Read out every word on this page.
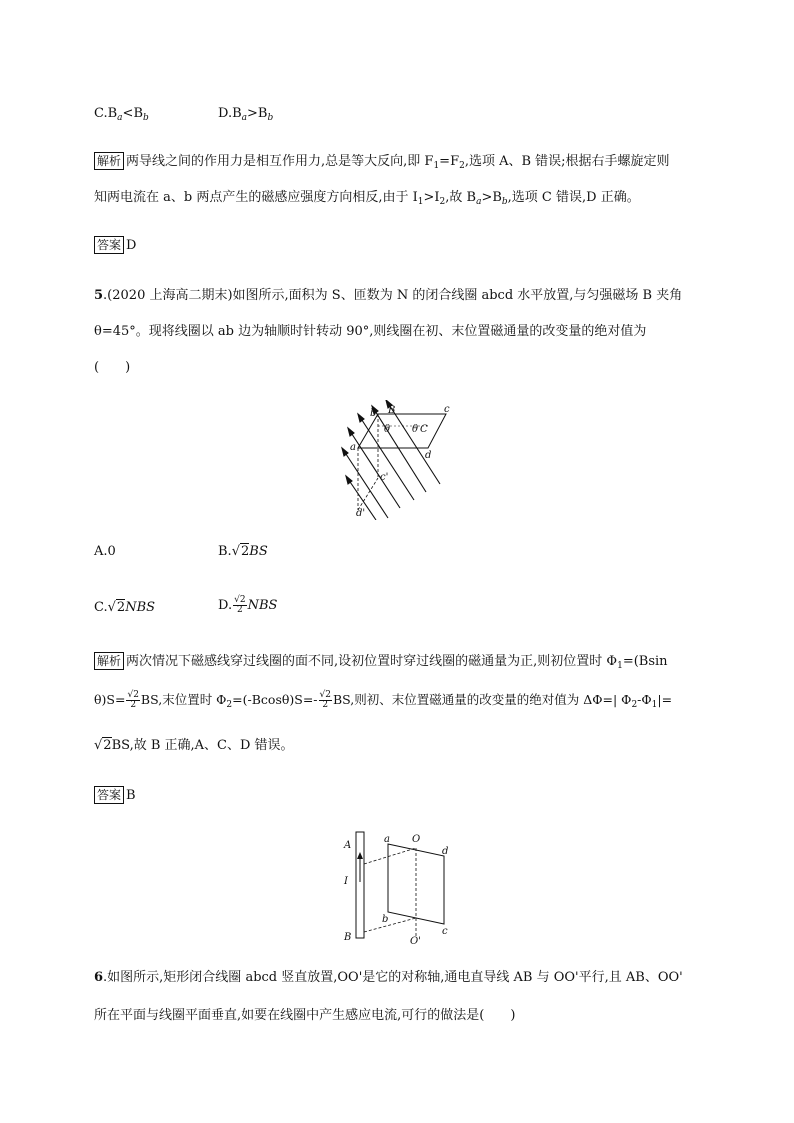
$C.B_a<B_b$	$D.B_a>B_b$
解析 两导线之间的作用力是相互作用力,总是等大反向,即 $F_1=F_2$,选项 A、B 错误;根据右手螺旋定则
知两电流在 a、b 两点产生的磁感应强度方向相反,由于 $I_1>I_2$,故 $B_a>B_b$,选项 C 错误,D 正确。
答案 D
5.(2020 上海高二期末)如图所示,面积为 S、匝数为 N 的闭合线圈 abcd 水平放置,与匀强磁场 B 夹角
θ=45°。现将线圈以 ab 边为轴顺时针转动 90°,则线圈在初、末位置磁通量的改变量的绝对值为
(　　)
b B	c
θ θ C
a
d
c'
d'
A.0	B.√2BS
C.√2NBS	D. $\frac{√2}{2}$ NBS
解析 两次情况下磁感线穿过线圈的面不同,设初位置时穿过线圈的磁通量为正,则初位置时 $\Phi_1=(Bsin$
$\theta)S= \frac{√2}{2}$ BS,末位置时 $\Phi_2=(-Bcos\theta)S=- \frac{√2}{2}$ BS,则初、末位置磁通量的改变量的绝对值为 ΔΦ=| $\Phi_2-\Phi_1|=$
√2BS,故 B 正确,A、C、D 错误。
答案 B
A
a O
d
I
b
B	O'
c
6.如图所示,矩形闭合线圈 abcd 竖直放置,OO'是它的对称轴,通电直导线 AB 与 OO'平行,且 AB、OO'
所在平面与线圈平面垂直,如要在线圈中产生感应电流,可行的做法是(　　)
